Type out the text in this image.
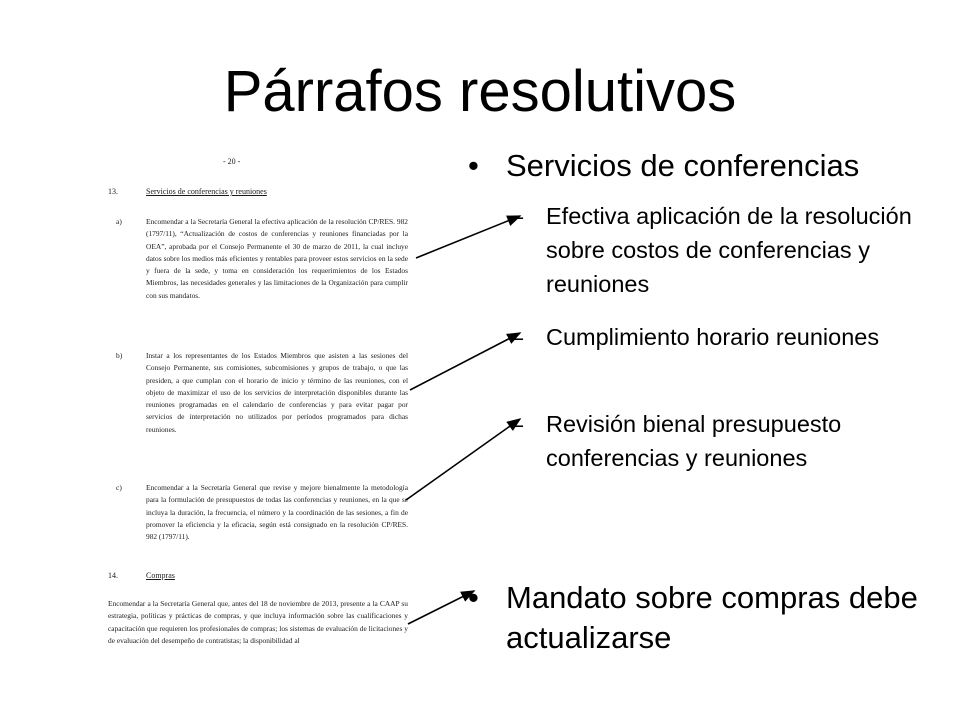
Párrafos resolutivos
- 20 -
13.	Servicios de conferencias y reuniones
a)	Encomendar a la Secretaría General la efectiva aplicación de la resolución CP/RES. 982 (1797/11), “Actualización de costos de conferencias y reuniones financiadas por la OEA”, aprobada por el Consejo Permanente el 30 de marzo de 2011, la cual incluye datos sobre los medios más eficientes y rentables para proveer estos servicios en la sede y fuera de la sede, y toma en consideración los requerimientos de los Estados Miembros, las necesidades generales y las limitaciones de la Organización para cumplir con sus mandatos.
b)	Instar a los representantes de los Estados Miembros que asisten a las sesiones del Consejo Permanente, sus comisiones, subcomisiones y grupos de trabajo, o que las presiden, a que cumplan con el horario de inicio y término de las reuniones, con el objeto de maximizar el uso de los servicios de interpretación disponibles durante las reuniones programadas en el calendario de conferencias y para evitar pagar por servicios de interpretación no utilizados por períodos programados para dichas reuniones.
c)	Encomendar a la Secretaría General que revise y mejore bienalmente la metodología para la formulación de presupuestos de todas las conferencias y reuniones, en la que se incluya la duración, la frecuencia, el número y la coordinación de las sesiones, a fin de promover la eficiencia y la eficacia, según está consignado en la resolución CP/RES. 982 (1797/11).
14.	Compras
Encomendar a la Secretaría General que, antes del 18 de noviembre de 2013, presente a la CAAP su estrategia, políticas y prácticas de compras, y que incluya información sobre las cualificaciones y capacitación que requieren los profesionales de compras; los sistemas de evaluación de licitaciones y de evaluación del desempeño de contratistas; la disponibilidad al
• Servicios de conferencias
– Efectiva aplicación de la resolución sobre costos de conferencias y reuniones
– Cumplimiento horario reuniones
– Revisión bienal presupuesto conferencias y reuniones
• Mandato sobre compras debe actualizarse
